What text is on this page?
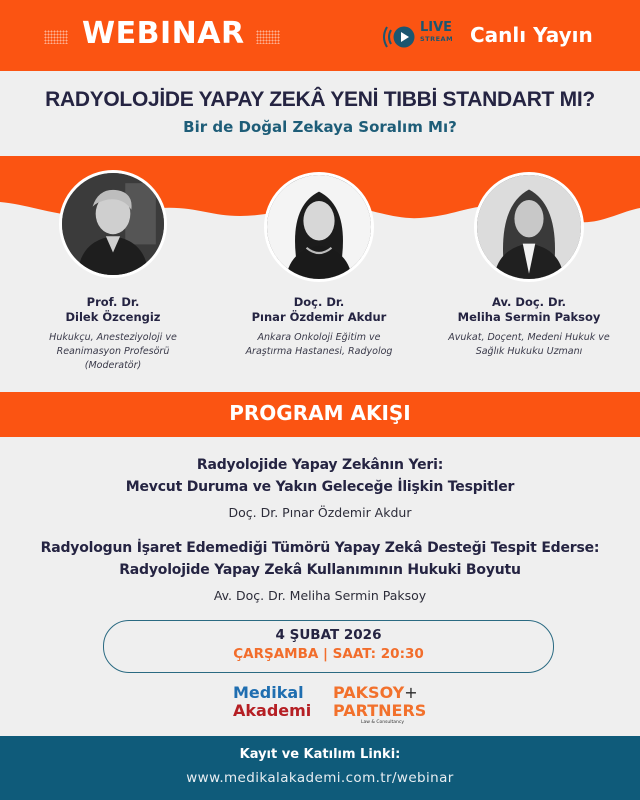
WEBINAR	LIVE
STREAM Canlı Yayın
RADYOLOJİDE YAPAY ZEKÂ YENİ TIBBİ STANDART MI?
Bir de Doğal Zekaya Soralım Mı?
Prof. Dr.
Dilek Özcengiz
Hukukçu, Anesteziyoloji ve
Reanimasyon Profesörü
(Moderatör)
Doç. Dr.
Pınar Özdemir Akdur
Ankara Onkoloji Eğitim ve
Araştırma Hastanesi, Radyolog
Av. Doç. Dr.
Meliha Sermin Paksoy
Avukat, Doçent, Medeni Hukuk ve
Sağlık Hukuku Uzmanı
PROGRAM AKIŞI
Radyolojide Yapay Zekânın Yeri:
Mevcut Duruma ve Yakın Geleceğe İlişkin Tespitler
Doç. Dr. Pınar Özdemir Akdur
Radyologun İşaret Edemediği Tümörü Yapay Zekâ Desteği Tespit Ederse:
Radyolojide Yapay Zekâ Kullanımının Hukuki Boyutu
Av. Doç. Dr. Meliha Sermin Paksoy
4 ŞUBAT 2026
ÇARŞAMBA | SAAT: 20:30
Medikal
Akademi
PAKSOY+
PARTNERS
Law & Consultancy
Kayıt ve Katılım Linki:
www.medikalakademi.com.tr/webinar
